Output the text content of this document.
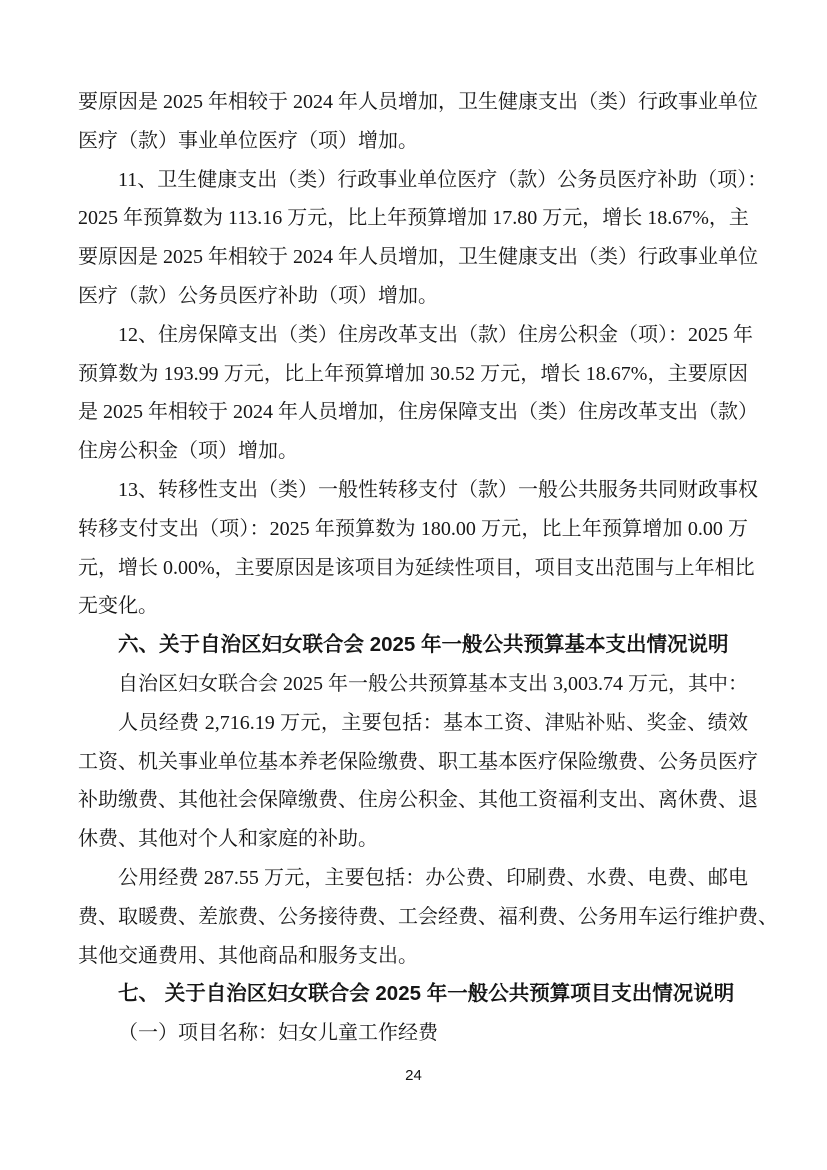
要原因是 2025 年相较于 2024 年人员增加，卫生健康支出（类）行政事业单位
医疗（款）事业单位医疗（项）增加。
11、卫生健康支出（类）行政事业单位医疗（款）公务员医疗补助（项）：
2025 年预算数为 113.16 万元，比上年预算增加 17.80 万元，增长 18.67%，主
要原因是 2025 年相较于 2024 年人员增加，卫生健康支出（类）行政事业单位
医疗（款）公务员医疗补助（项）增加。
12、住房保障支出（类）住房改革支出（款）住房公积金（项）：2025 年
预算数为 193.99 万元，比上年预算增加 30.52 万元，增长 18.67%，主要原因
是 2025 年相较于 2024 年人员增加，住房保障支出（类）住房改革支出（款）
住房公积金（项）增加。
13、转移性支出（类）一般性转移支付（款）一般公共服务共同财政事权
转移支付支出（项）：2025 年预算数为 180.00 万元，比上年预算增加 0.00 万
元，增长 0.00%，主要原因是该项目为延续性项目，项目支出范围与上年相比
无变化。
六、关于自治区妇女联合会 2025 年一般公共预算基本支出情况说明
自治区妇女联合会 2025 年一般公共预算基本支出 3,003.74 万元，其中：
人员经费 2,716.19 万元，主要包括：基本工资、津贴补贴、奖金、绩效
工资、机关事业单位基本养老保险缴费、职工基本医疗保险缴费、公务员医疗
补助缴费、其他社会保障缴费、住房公积金、其他工资福利支出、离休费、退
休费、其他对个人和家庭的补助。
公用经费 287.55 万元，主要包括：办公费、印刷费、水费、电费、邮电
费、取暖费、差旅费、公务接待费、工会经费、福利费、公务用车运行维护费、
其他交通费用、其他商品和服务支出。
七、 关于自治区妇女联合会 2025 年一般公共预算项目支出情况说明
（一）项目名称：妇女儿童工作经费
24
